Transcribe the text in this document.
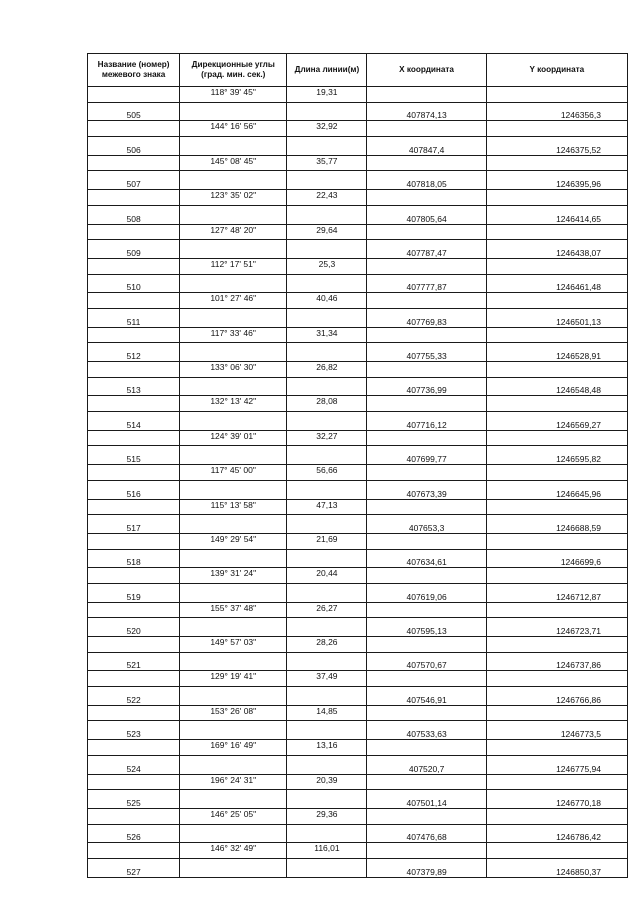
Название (номер) межевого знака	Дирекционные углы (град. мин. сек.)	Длина линии(м)	X координата	Y координата
	118° 39' 45"	19,31		
505			407874,13	1246356,3
	144° 16' 56"	32,92		
506			407847,4	1246375,52
	145° 08' 45"	35,77		
507			407818,05	1246395,96
	123° 35' 02"	22,43		
508			407805,64	1246414,65
	127° 48' 20"	29,64		
509			407787,47	1246438,07
	112° 17' 51"	25,3		
510			407777,87	1246461,48
	101° 27' 46"	40,46		
511			407769,83	1246501,13
	117° 33' 46"	31,34		
512			407755,33	1246528,91
	133° 06' 30"	26,82		
513			407736,99	1246548,48
	132° 13' 42"	28,08		
514			407716,12	1246569,27
	124° 39' 01"	32,27		
515			407699,77	1246595,82
	117° 45' 00"	56,66		
516			407673,39	1246645,96
	115° 13' 58"	47,13		
517			407653,3	1246688,59
	149° 29' 54"	21,69		
518			407634,61	1246699,6
	139° 31' 24"	20,44		
519			407619,06	1246712,87
	155° 37' 48"	26,27		
520			407595,13	1246723,71
	149° 57' 03"	28,26		
521			407570,67	1246737,86
	129° 19' 41"	37,49		
522			407546,91	1246766,86
	153° 26' 08"	14,85		
523			407533,63	1246773,5
	169° 16' 49"	13,16		
524			407520,7	1246775,94
	196° 24' 31"	20,39		
525			407501,14	1246770,18
	146° 25' 05"	29,36		
526			407476,68	1246786,42
	146° 32' 49"	116,01		
527			407379,89	1246850,37
